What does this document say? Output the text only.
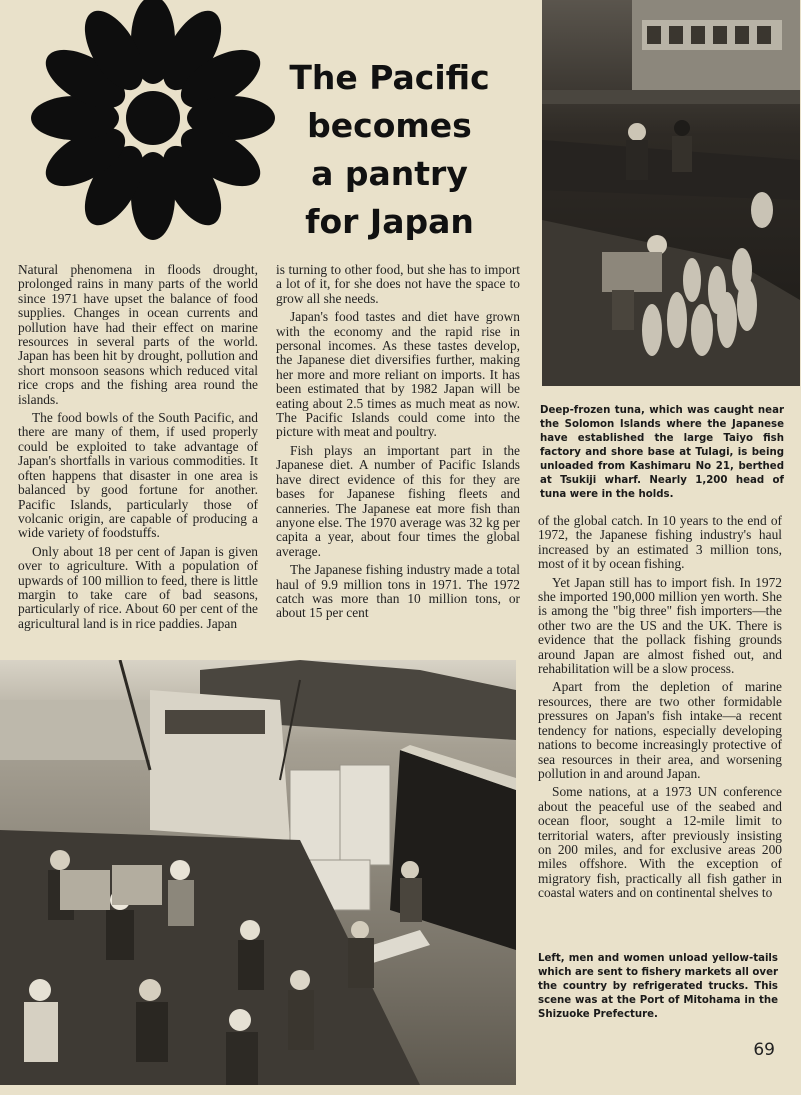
The Pacific
becomes
a pantry
for Japan
Deep-frozen tuna, which was caught near the Solomon Islands where the Japanese have established the large Taiyo fish factory and shore base at Tulagi, is being unloaded from Kashimaru No 21, berthed at Tsukiji wharf. Nearly 1,200 head of tuna were in the holds.

Natural phenomena in floods drought, prolonged rains in many parts of the world since 1971 have upset the balance of food supplies. Changes in ocean currents and pollution have had their effect on marine resources in several parts of the world. Japan has been hit by drought, pollution and short monsoon seasons which reduced vital rice crops and the fishing area round the islands.

The food bowls of the South Pacific, and there are many of them, if used properly could be exploited to take advantage of Japan's shortfalls in various commodities. It often happens that disaster in one area is balanced by good fortune for another. Pacific Islands, particularly those of volcanic origin, are capable of producing a wide variety of foodstuffs.

Only about 18 per cent of Japan is given over to agriculture. With a population of upwards of 100 million to feed, there is little margin to take care of bad seasons, particularly of rice. About 60 per cent of the agricultural land is in rice paddies. Japan

is turning to other food, but she has to import a lot of it, for she does not have the space to grow all she needs.

Japan's food tastes and diet have grown with the economy and the rapid rise in personal incomes. As these tastes develop, the Japanese diet diversifies further, making her more and more reliant on imports. It has been estimated that by 1982 Japan will be eating about 2.5 times as much meat as now. The Pacific Islands could come into the picture with meat and poultry.

Fish plays an important part in the Japanese diet. A number of Pacific Islands have direct evidence of this for they are bases for Japanese fishing fleets and canneries. The Japanese eat more fish than anyone else. The 1970 average was 32 kg per capita a year, about four times the global average.

The Japanese fishing industry made a total haul of 9.9 million tons in 1971. The 1972 catch was more than 10 million tons, or about 15 per cent

of the global catch. In 10 years to the end of 1972, the Japanese fishing industry's haul increased by an estimated 3 million tons, most of it by ocean fishing.

Yet Japan still has to import fish. In 1972 she imported 190,000 million yen worth. She is among the "big three" fish importers—the other two are the US and the UK. There is evidence that the pollack fishing grounds around Japan are almost fished out, and rehabilitation will be a slow process.

Apart from the depletion of marine resources, there are two other formidable pressures on Japan's fish intake—a recent tendency for nations, especially developing nations to become increasingly protective of sea resources in their area, and worsening pollution in and around Japan.

Some nations, at a 1973 UN conference about the peaceful use of the seabed and ocean floor, sought a 12-mile limit to territorial waters, after previously insisting on 200 miles, and for exclusive areas 200 miles offshore. With the exception of migratory fish, practically all fish gather in coastal waters and on continental shelves to

Left, men and women unload yellow-tails which are sent to fishery markets all over the country by refrigerated trucks. This scene was at the Port of Mitohama in the Shizuoke Prefecture.
69
